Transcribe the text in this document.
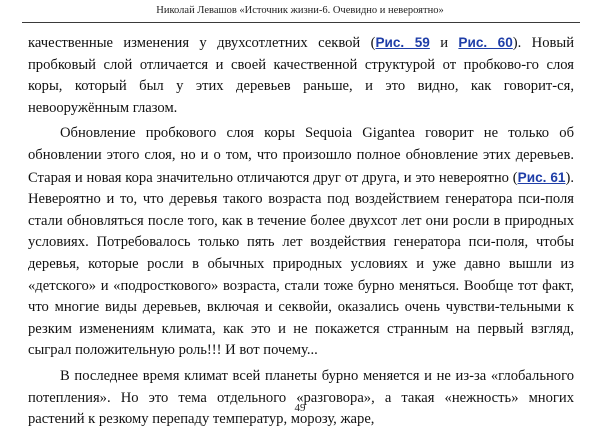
Николай Левашов «Источник жизни-6. Очевидно и невероятно»

качественные изменения у двухсотлетних секвой (Рис. 59 и Рис. 60). Новый пробковый слой отличается и своей качественной структурой от пробково-го слоя коры, который был у этих деревьев раньше, и это видно, как говорит-ся, невооружённым глазом.

Обновление пробкового слоя коры Sequoia Gigantea говорит не только об обновлении этого слоя, но и о том, что произошло полное обновление этих деревьев. Старая и новая кора значительно отличаются друг от друга, и это невероятно (Рис. 61). Невероятно и то, что деревья такого возраста под воздействием генератора пси-поля стали обновляться после того, как в течение более двухсот лет они росли в природных условиях. Потребовалось только пять лет воздействия генератора пси-поля, чтобы деревья, которые росли в обычных природных условиях и уже давно вышли из «детского» и «подросткового» возраста, стали тоже бурно меняться. Вообще тот факт, что многие виды деревьев, включая и секвойи, оказались очень чувстви-тельными к резким изменениям климата, как это и не покажется странным на первый взгляд, сыграл положительную роль!!! И вот почему...

В последнее время климат всей планеты бурно меняется и не из-за «глобального потепления». Но это тема отдельного «разговора», а такая «нежность» многих растений к резкому перепаду температур, морозу, жаре,

49
